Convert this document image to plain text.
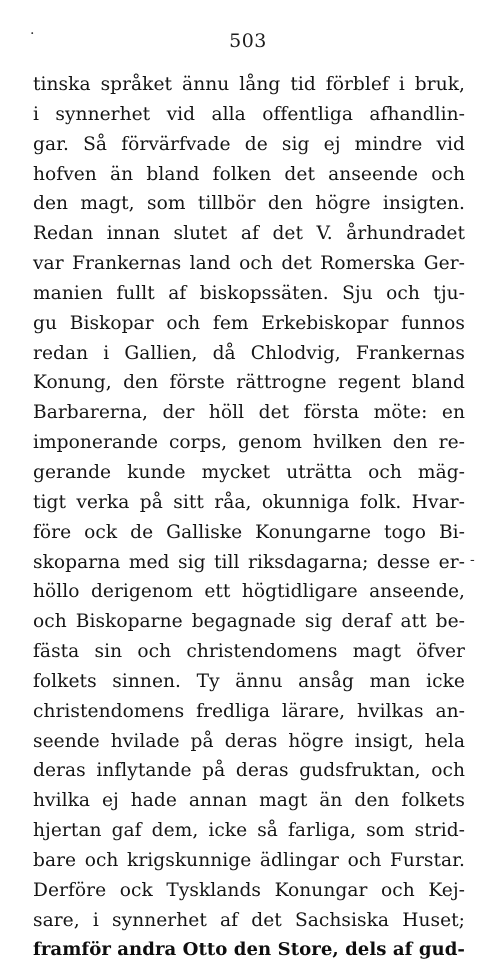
.	503
-
tinska språket ännu lång tid förblef i bruk,
i synnerhet vid alla offentliga afhandlin-
gar. Så förvärfvade de sig ej mindre vid
hofven än bland folken det anseende och
den magt, som tillbör den högre insigten.
Redan innan slutet af det V. århundradet
var Frankernas land och det Romerska Ger-
manien fullt af biskopssäten. Sju och tju-
gu Biskopar och fem Erkebiskopar funnos
redan i Gallien, då Chlodvig, Frankernas
Konung, den förste rättrogne regent bland
Barbarerna, der höll det första möte: en
imponerande corps, genom hvilken den re-
gerande kunde mycket uträtta och mäg-
tigt verka på sitt råa, okunniga folk. Hvar-
före ock de Galliske Konungarne togo Bi-
skoparna med sig till riksdagarna; desse er-
höllo derigenom ett högtidligare anseende,
och Biskoparne begagnade sig deraf att be-
fästa sin och christendomens magt öfver
folkets sinnen. Ty ännu ansåg man icke
christendomens fredliga lärare, hvilkas an-
seende hvilade på deras högre insigt, hela
deras inflytande på deras gudsfruktan, och
hvilka ej hade annan magt än den folkets
hjertan gaf dem, icke så farliga, som strid-
bare och krigskunnige ädlingar och Furstar.
Derföre ock Tysklands Konungar och Kej-
sare, i synnerhet af det Sachsiska Huset;
framför andra Otto den Store, dels af gud-
